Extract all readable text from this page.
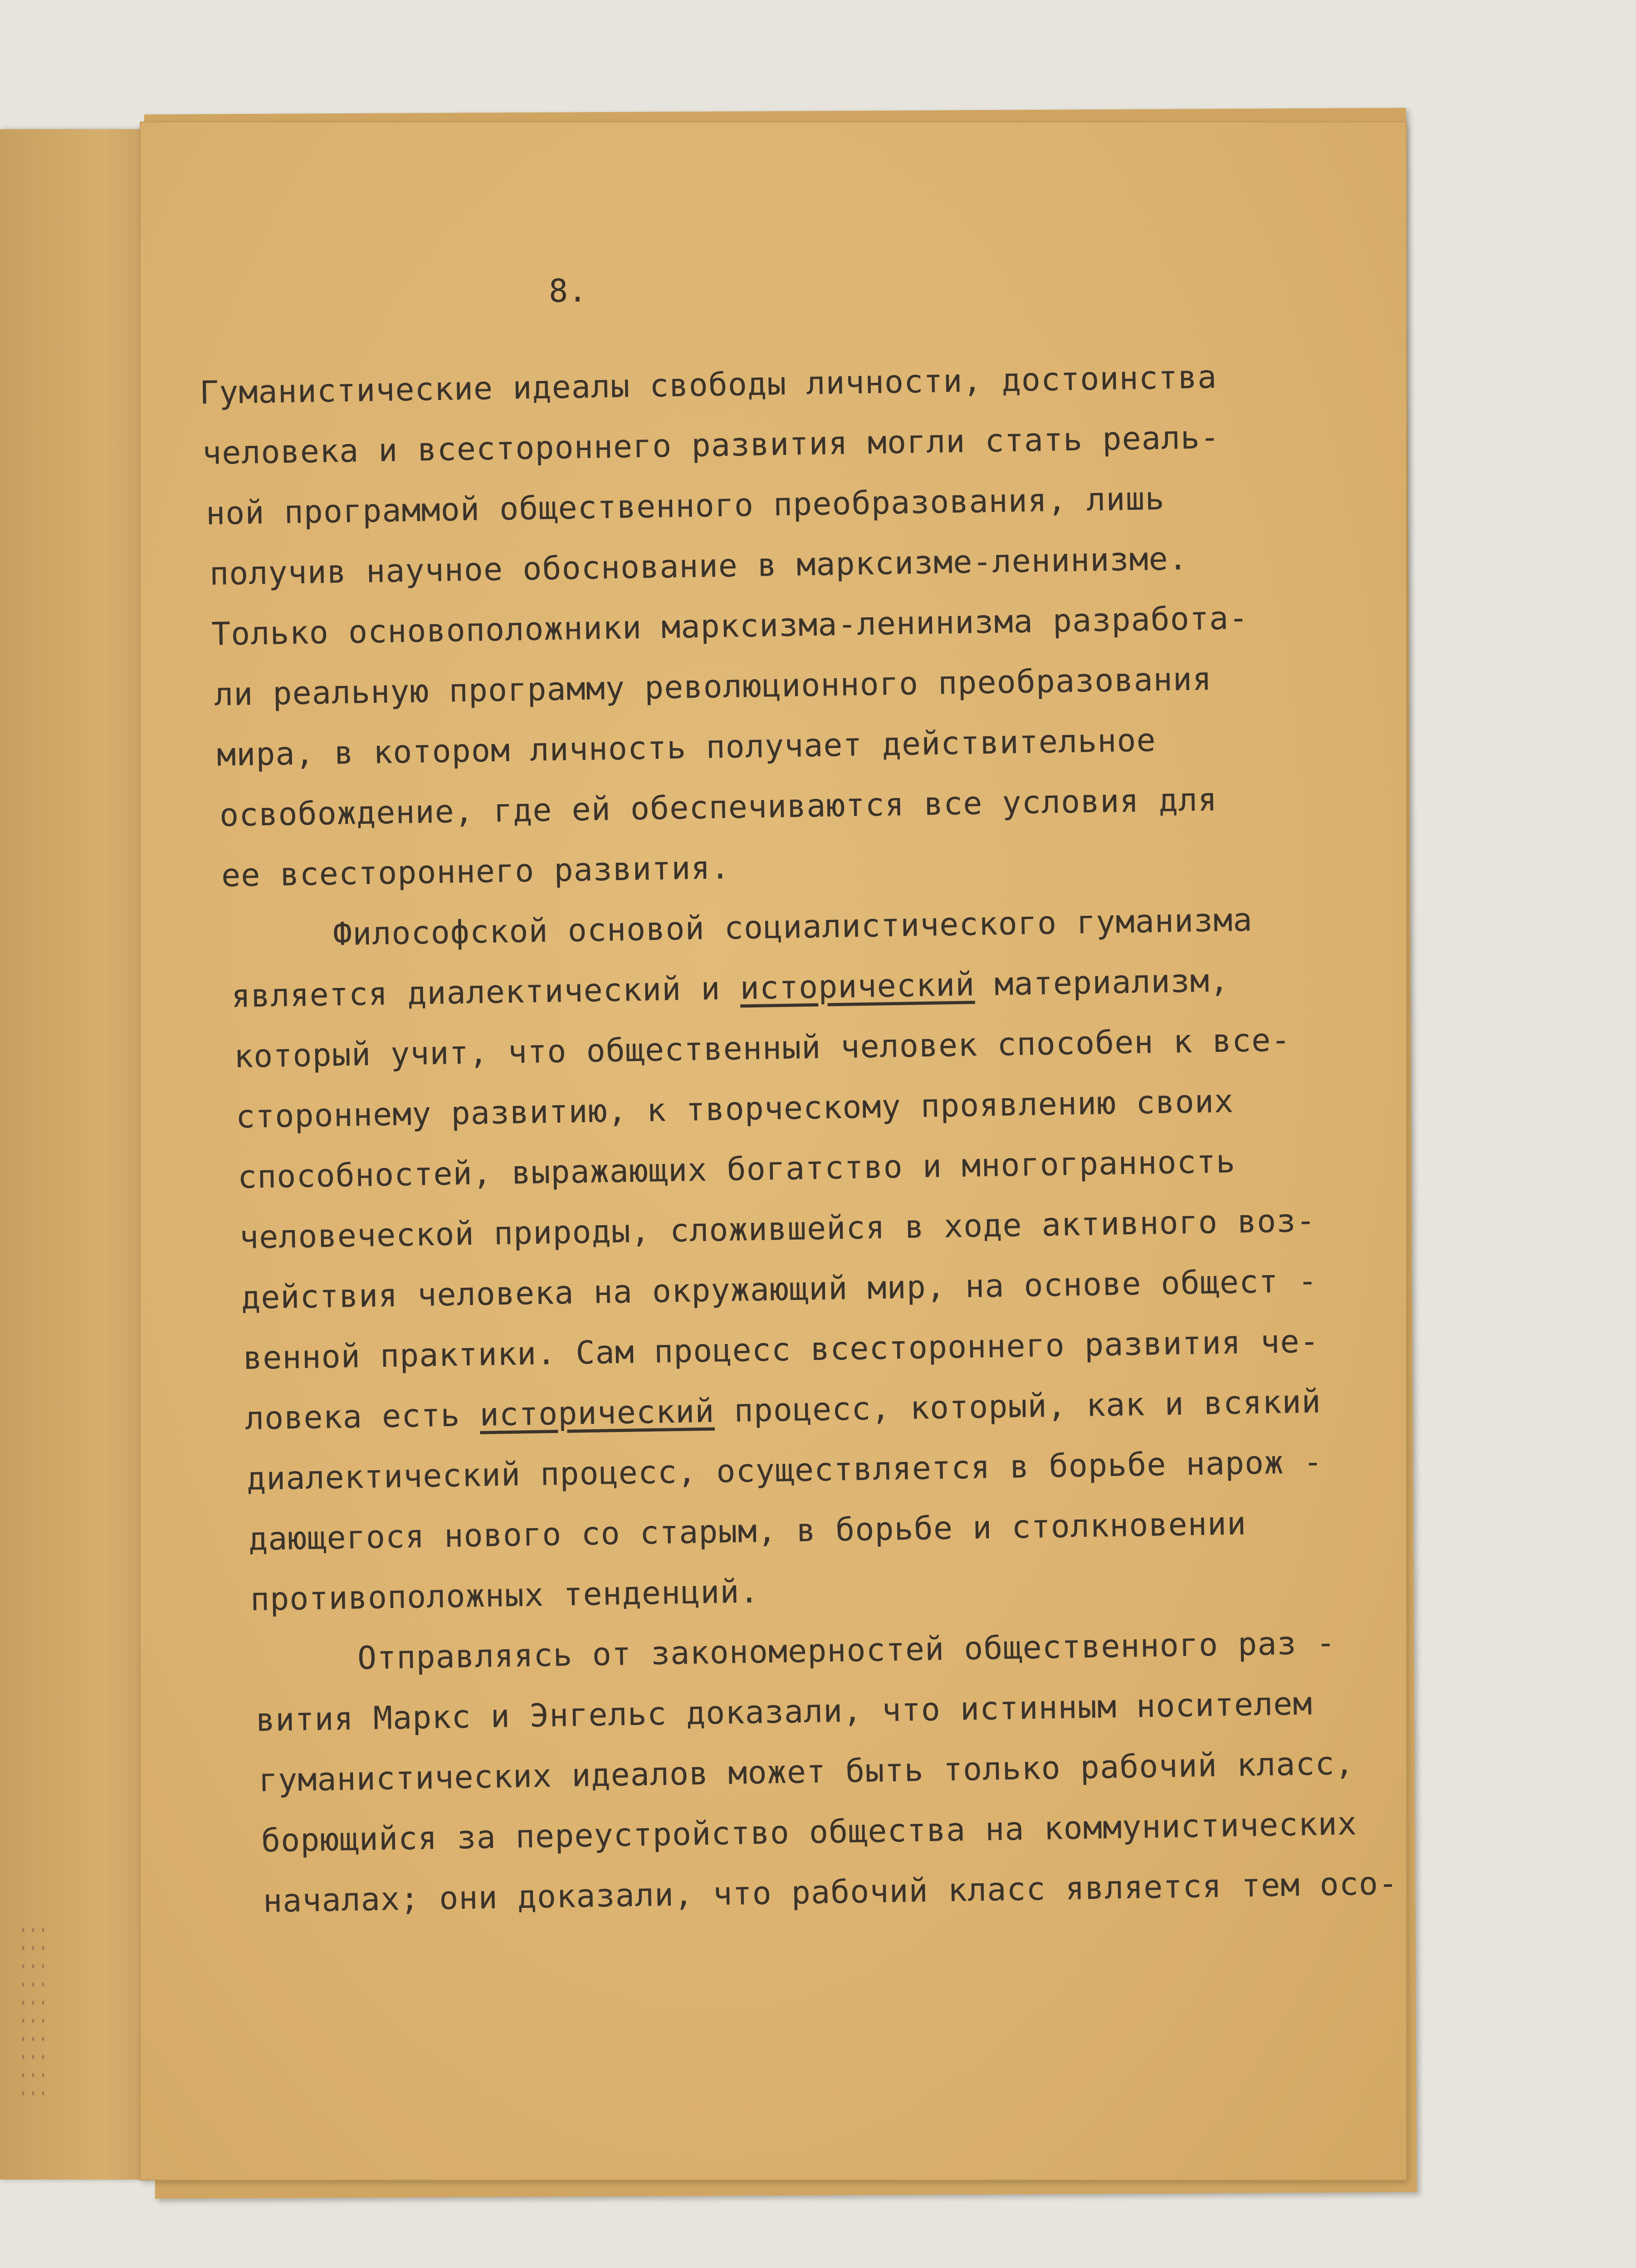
8.
Гуманистические идеалы свободы личности, достоинства
человека и всестороннего развития могли стать реаль-
ной программой общественного преобразования, лишь
получив научное обоснование в марксизме-ленинизме.
Только основоположники марксизма-ленинизма разработа-
ли реальную программу революционного преобразования
мира, в котором личность получает действительное
освобождение, где ей обеспечиваются все условия для
ее всестороннего развития.
Философской основой социалистического гуманизма
является диалектический и исторический материализм,
который учит, что общественный человек способен к все-
стороннему развитию, к творческому проявлению своих
способностей, выражающих богатство и многогранность
человеческой природы, сложившейся в ходе активного воз-
действия человека на окружающий мир, на основе общест -
венной практики. Сам процесс всестороннего развития че-
ловека есть исторический процесс, который, как и всякий
диалектический процесс, осуществляется в борьбе нарож -
дающегося нового со старым, в борьбе и столкновении
противоположных тенденций.
Отправляясь от закономерностей общественного раз -
вития Маркс и Энгельс доказали, что истинным носителем
гуманистических идеалов может быть только рабочий класс,
борющийся за переустройство общества на коммунистических
началах; они доказали, что рабочий класс является тем осо-
